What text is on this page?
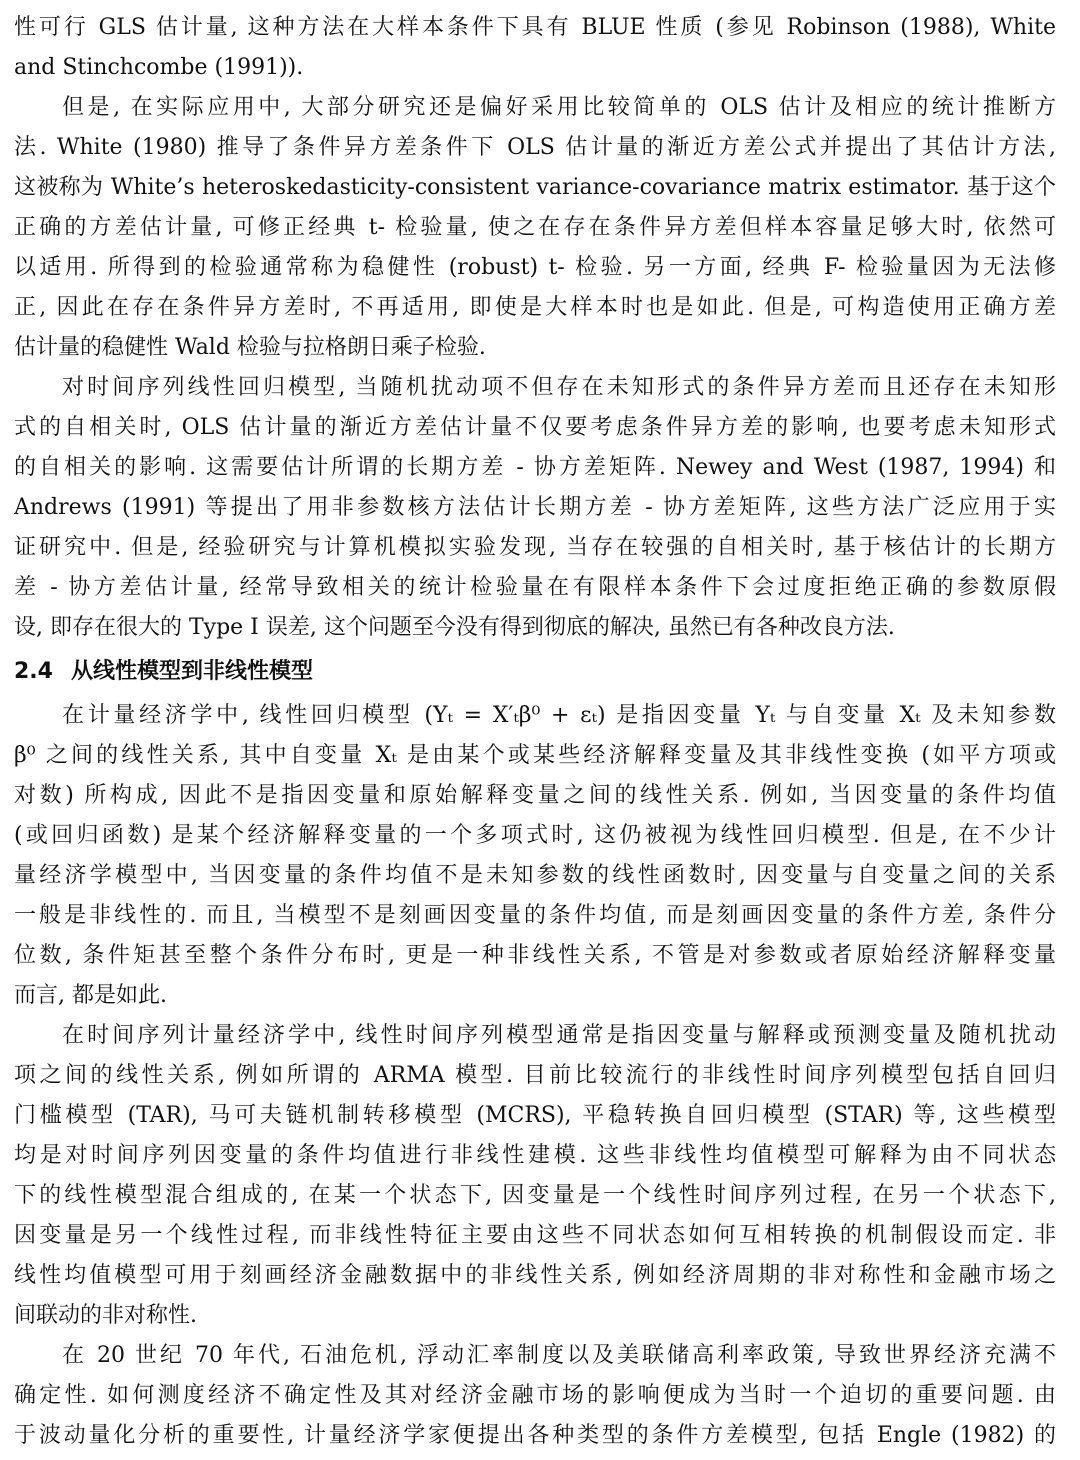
性可行 GLS 估计量, 这种方法在大样本条件下具有 BLUE 性质 (参见 Robinson (1988), White
and Stinchcombe (1991)).
但是, 在实际应用中, 大部分研究还是偏好采用比较简单的 OLS 估计及相应的统计推断方
法. White (1980) 推导了条件异方差条件下 OLS 估计量的渐近方差公式并提出了其估计方法,
这被称为 White’s heteroskedasticity-consistent variance-covariance matrix estimator. 基于这个
正确的方差估计量, 可修正经典 t- 检验量, 使之在存在条件异方差但样本容量足够大时, 依然可
以适用. 所得到的检验通常称为稳健性 (robust) t- 检验. 另一方面, 经典 F- 检验量因为无法修
正, 因此在存在条件异方差时, 不再适用, 即使是大样本时也是如此. 但是, 可构造使用正确方差
估计量的稳健性 Wald 检验与拉格朗日乘子检验.
对时间序列线性回归模型, 当随机扰动项不但存在未知形式的条件异方差而且还存在未知形
式的自相关时, OLS 估计量的渐近方差估计量不仅要考虑条件异方差的影响, 也要考虑未知形式
的自相关的影响. 这需要估计所谓的长期方差 - 协方差矩阵. Newey and West (1987, 1994) 和
Andrews (1991) 等提出了用非参数核方法估计长期方差 - 协方差矩阵, 这些方法广泛应用于实
证研究中. 但是, 经验研究与计算机模拟实验发现, 当存在较强的自相关时, 基于核估计的长期方
差 - 协方差估计量, 经常导致相关的统计检验量在有限样本条件下会过度拒绝正确的参数原假
设, 即存在很大的 Type I 误差, 这个问题至今没有得到彻底的解决, 虽然已有各种改良方法.
2.4 从线性模型到非线性模型
在计量经济学中, 线性回归模型 (Yₜ = X′ₜβ⁰ + εₜ) 是指因变量 Yₜ 与自变量 Xₜ 及未知参数
β⁰ 之间的线性关系, 其中自变量 Xₜ 是由某个或某些经济解释变量及其非线性变换 (如平方项或
对数) 所构成, 因此不是指因变量和原始解释变量之间的线性关系. 例如, 当因变量的条件均值
(或回归函数) 是某个经济解释变量的一个多项式时, 这仍被视为线性回归模型. 但是, 在不少计
量经济学模型中, 当因变量的条件均值不是未知参数的线性函数时, 因变量与自变量之间的关系
一般是非线性的. 而且, 当模型不是刻画因变量的条件均值, 而是刻画因变量的条件方差, 条件分
位数, 条件矩甚至整个条件分布时, 更是一种非线性关系, 不管是对参数或者原始经济解释变量
而言, 都是如此.
在时间序列计量经济学中, 线性时间序列模型通常是指因变量与解释或预测变量及随机扰动
项之间的线性关系, 例如所谓的 ARMA 模型. 目前比较流行的非线性时间序列模型包括自回归
门槛模型 (TAR), 马可夫链机制转移模型 (MCRS), 平稳转换自回归模型 (STAR) 等, 这些模型
均是对时间序列因变量的条件均值进行非线性建模. 这些非线性均值模型可解释为由不同状态
下的线性模型混合组成的, 在某一个状态下, 因变量是一个线性时间序列过程, 在另一个状态下,
因变量是另一个线性过程, 而非线性特征主要由这些不同状态如何互相转换的机制假设而定. 非
线性均值模型可用于刻画经济金融数据中的非线性关系, 例如经济周期的非对称性和金融市场之
间联动的非对称性.
在 20 世纪 70 年代, 石油危机, 浮动汇率制度以及美联储高利率政策, 导致世界经济充满不
确定性. 如何测度经济不确定性及其对经济金融市场的影响便成为当时一个迫切的重要问题. 由
于波动量化分析的重要性, 计量经济学家便提出各种类型的条件方差模型, 包括 Engle (1982) 的
